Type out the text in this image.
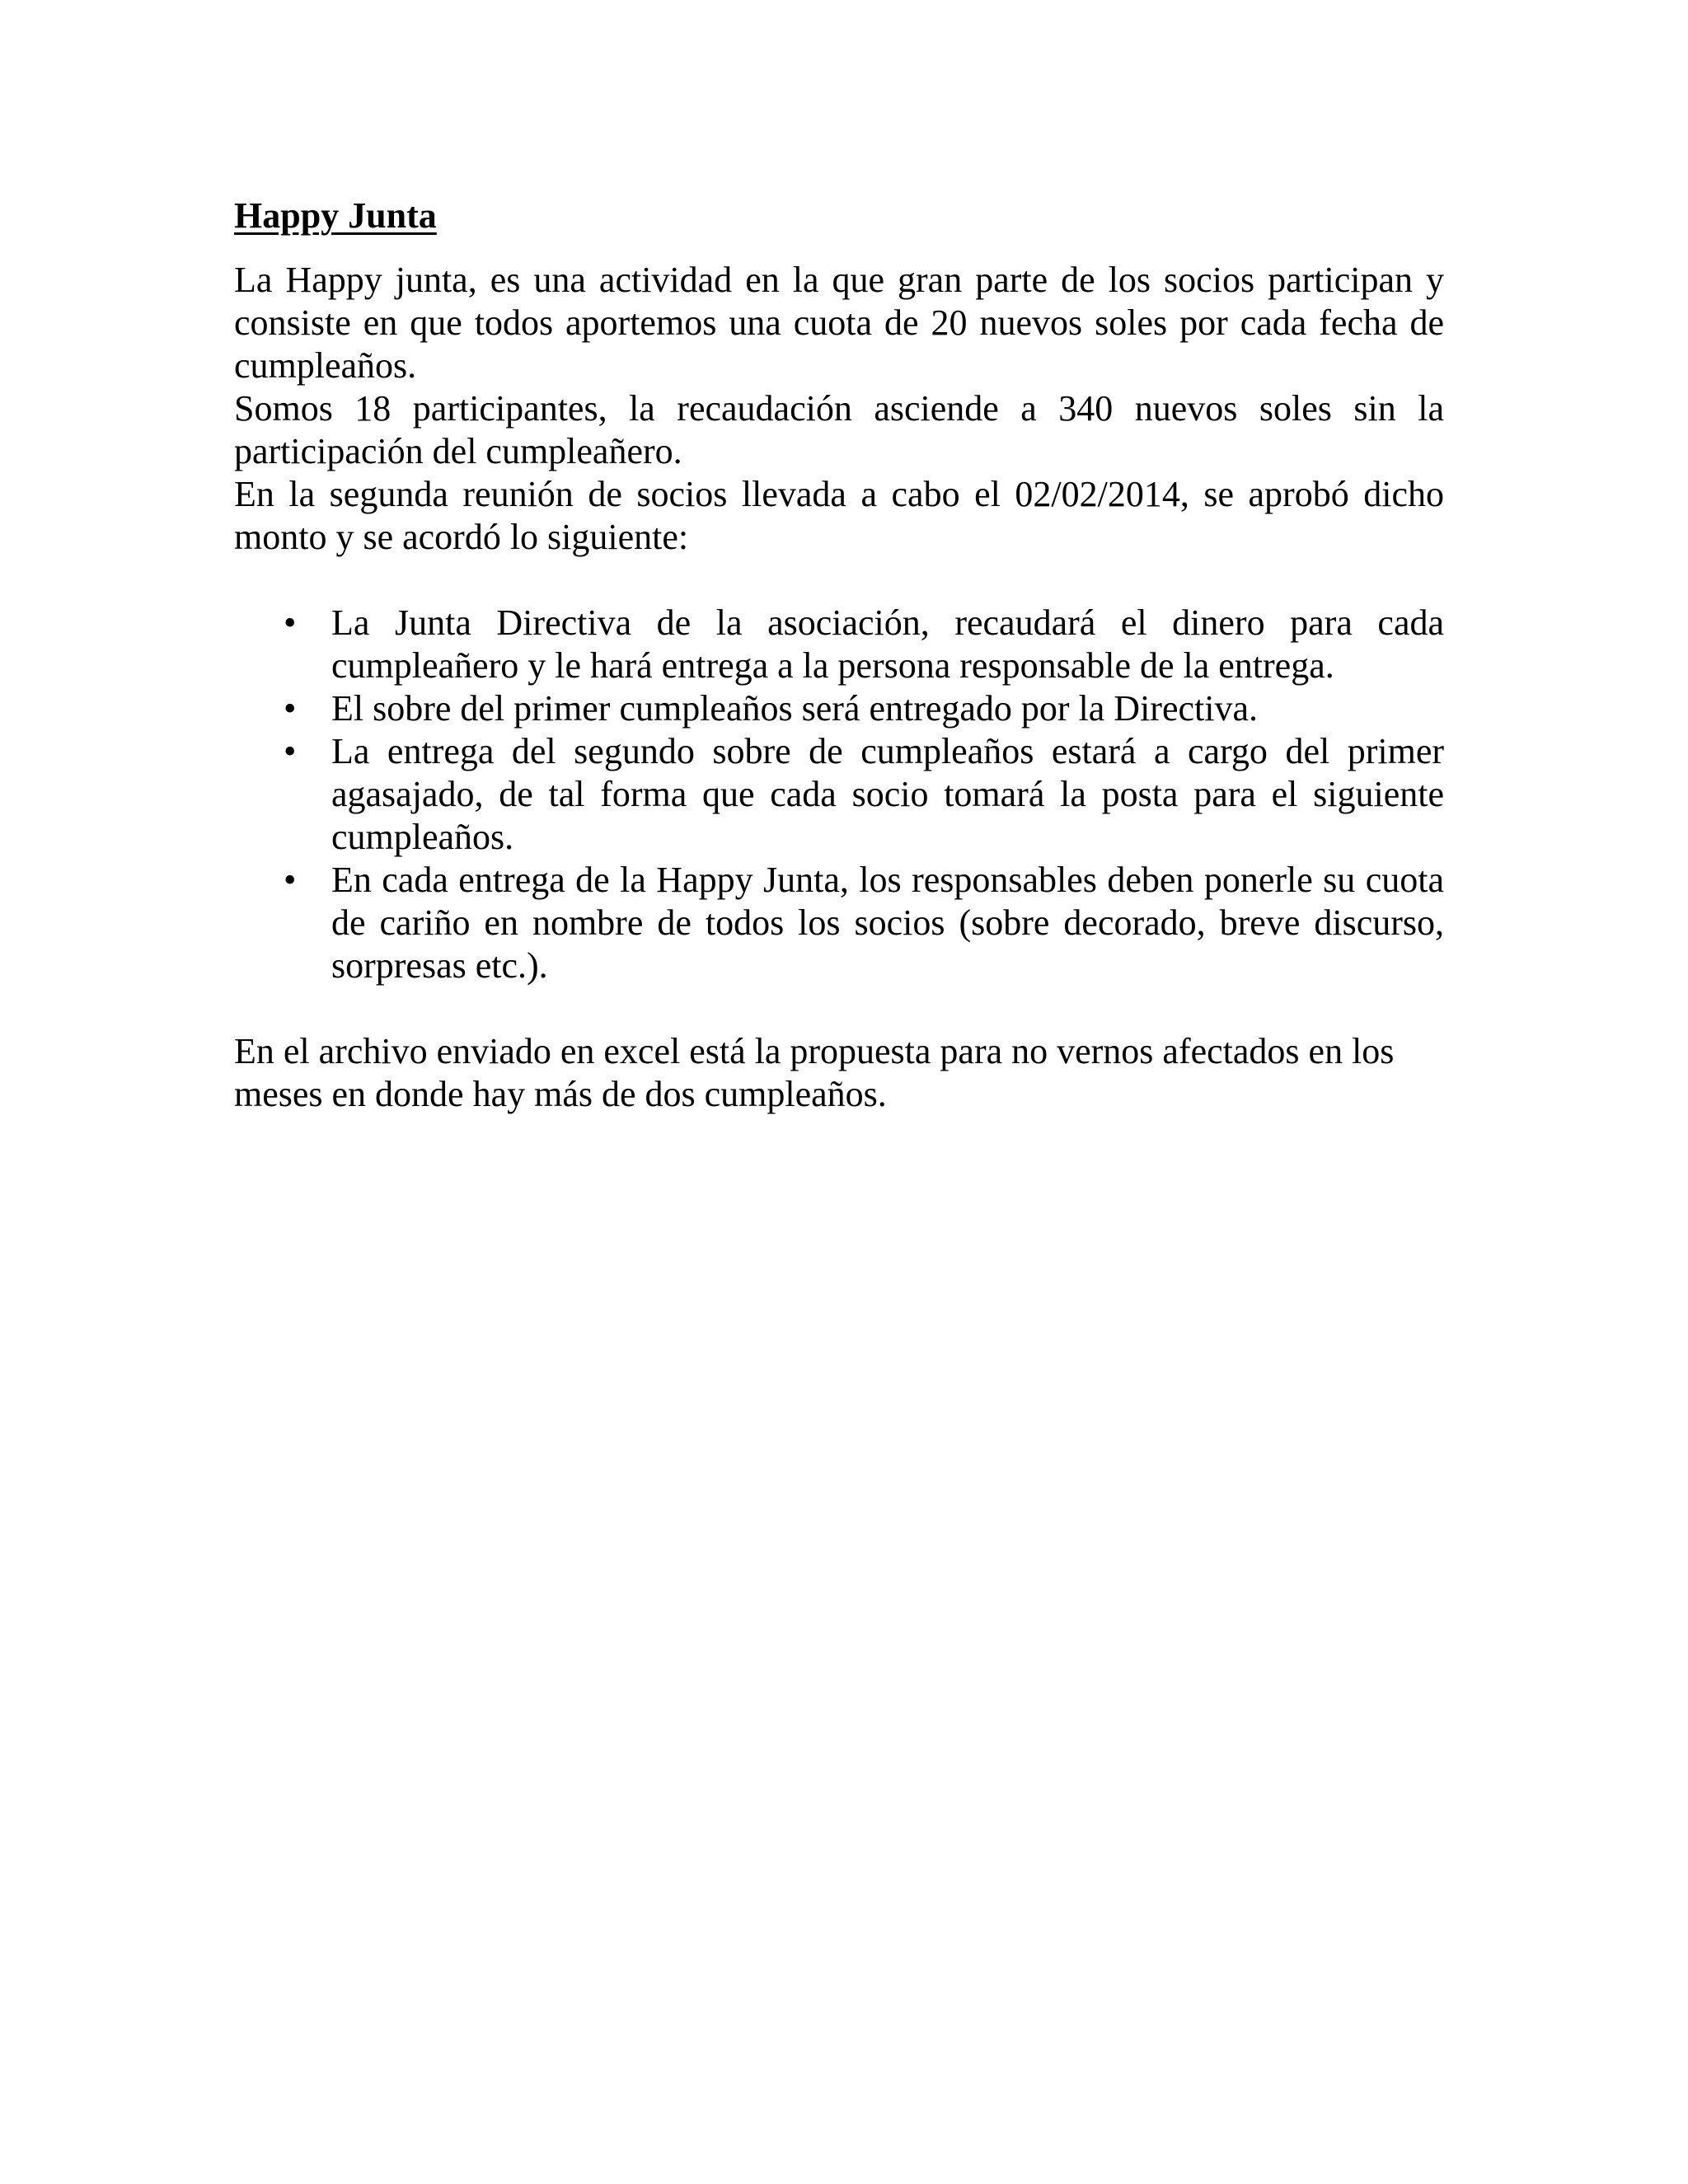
Happy Junta

La Happy junta, es una actividad en la que gran parte de los socios participan y consiste en que todos aportemos una cuota de 20 nuevos soles por cada fecha de cumpleaños.

Somos 18 participantes, la recaudación asciende a 340 nuevos soles sin la participación del cumpleañero.

En la segunda reunión de socios llevada a cabo el 02/02/2014, se aprobó dicho monto y se acordó lo siguiente:

• La Junta Directiva de la asociación, recaudará el dinero para cada cumpleañero y le hará entrega a la persona responsable de la entrega.
• El sobre del primer cumpleaños será entregado por la Directiva.
• La entrega del segundo sobre de cumpleaños estará a cargo del primer agasajado, de tal forma que cada socio tomará la posta para el siguiente cumpleaños.
• En cada entrega de la Happy Junta, los responsables deben ponerle su cuota de cariño en nombre de todos los socios (sobre decorado, breve discurso, sorpresas etc.).

En el archivo enviado en excel está la propuesta para no vernos afectados en los meses en donde hay más de dos cumpleaños.
